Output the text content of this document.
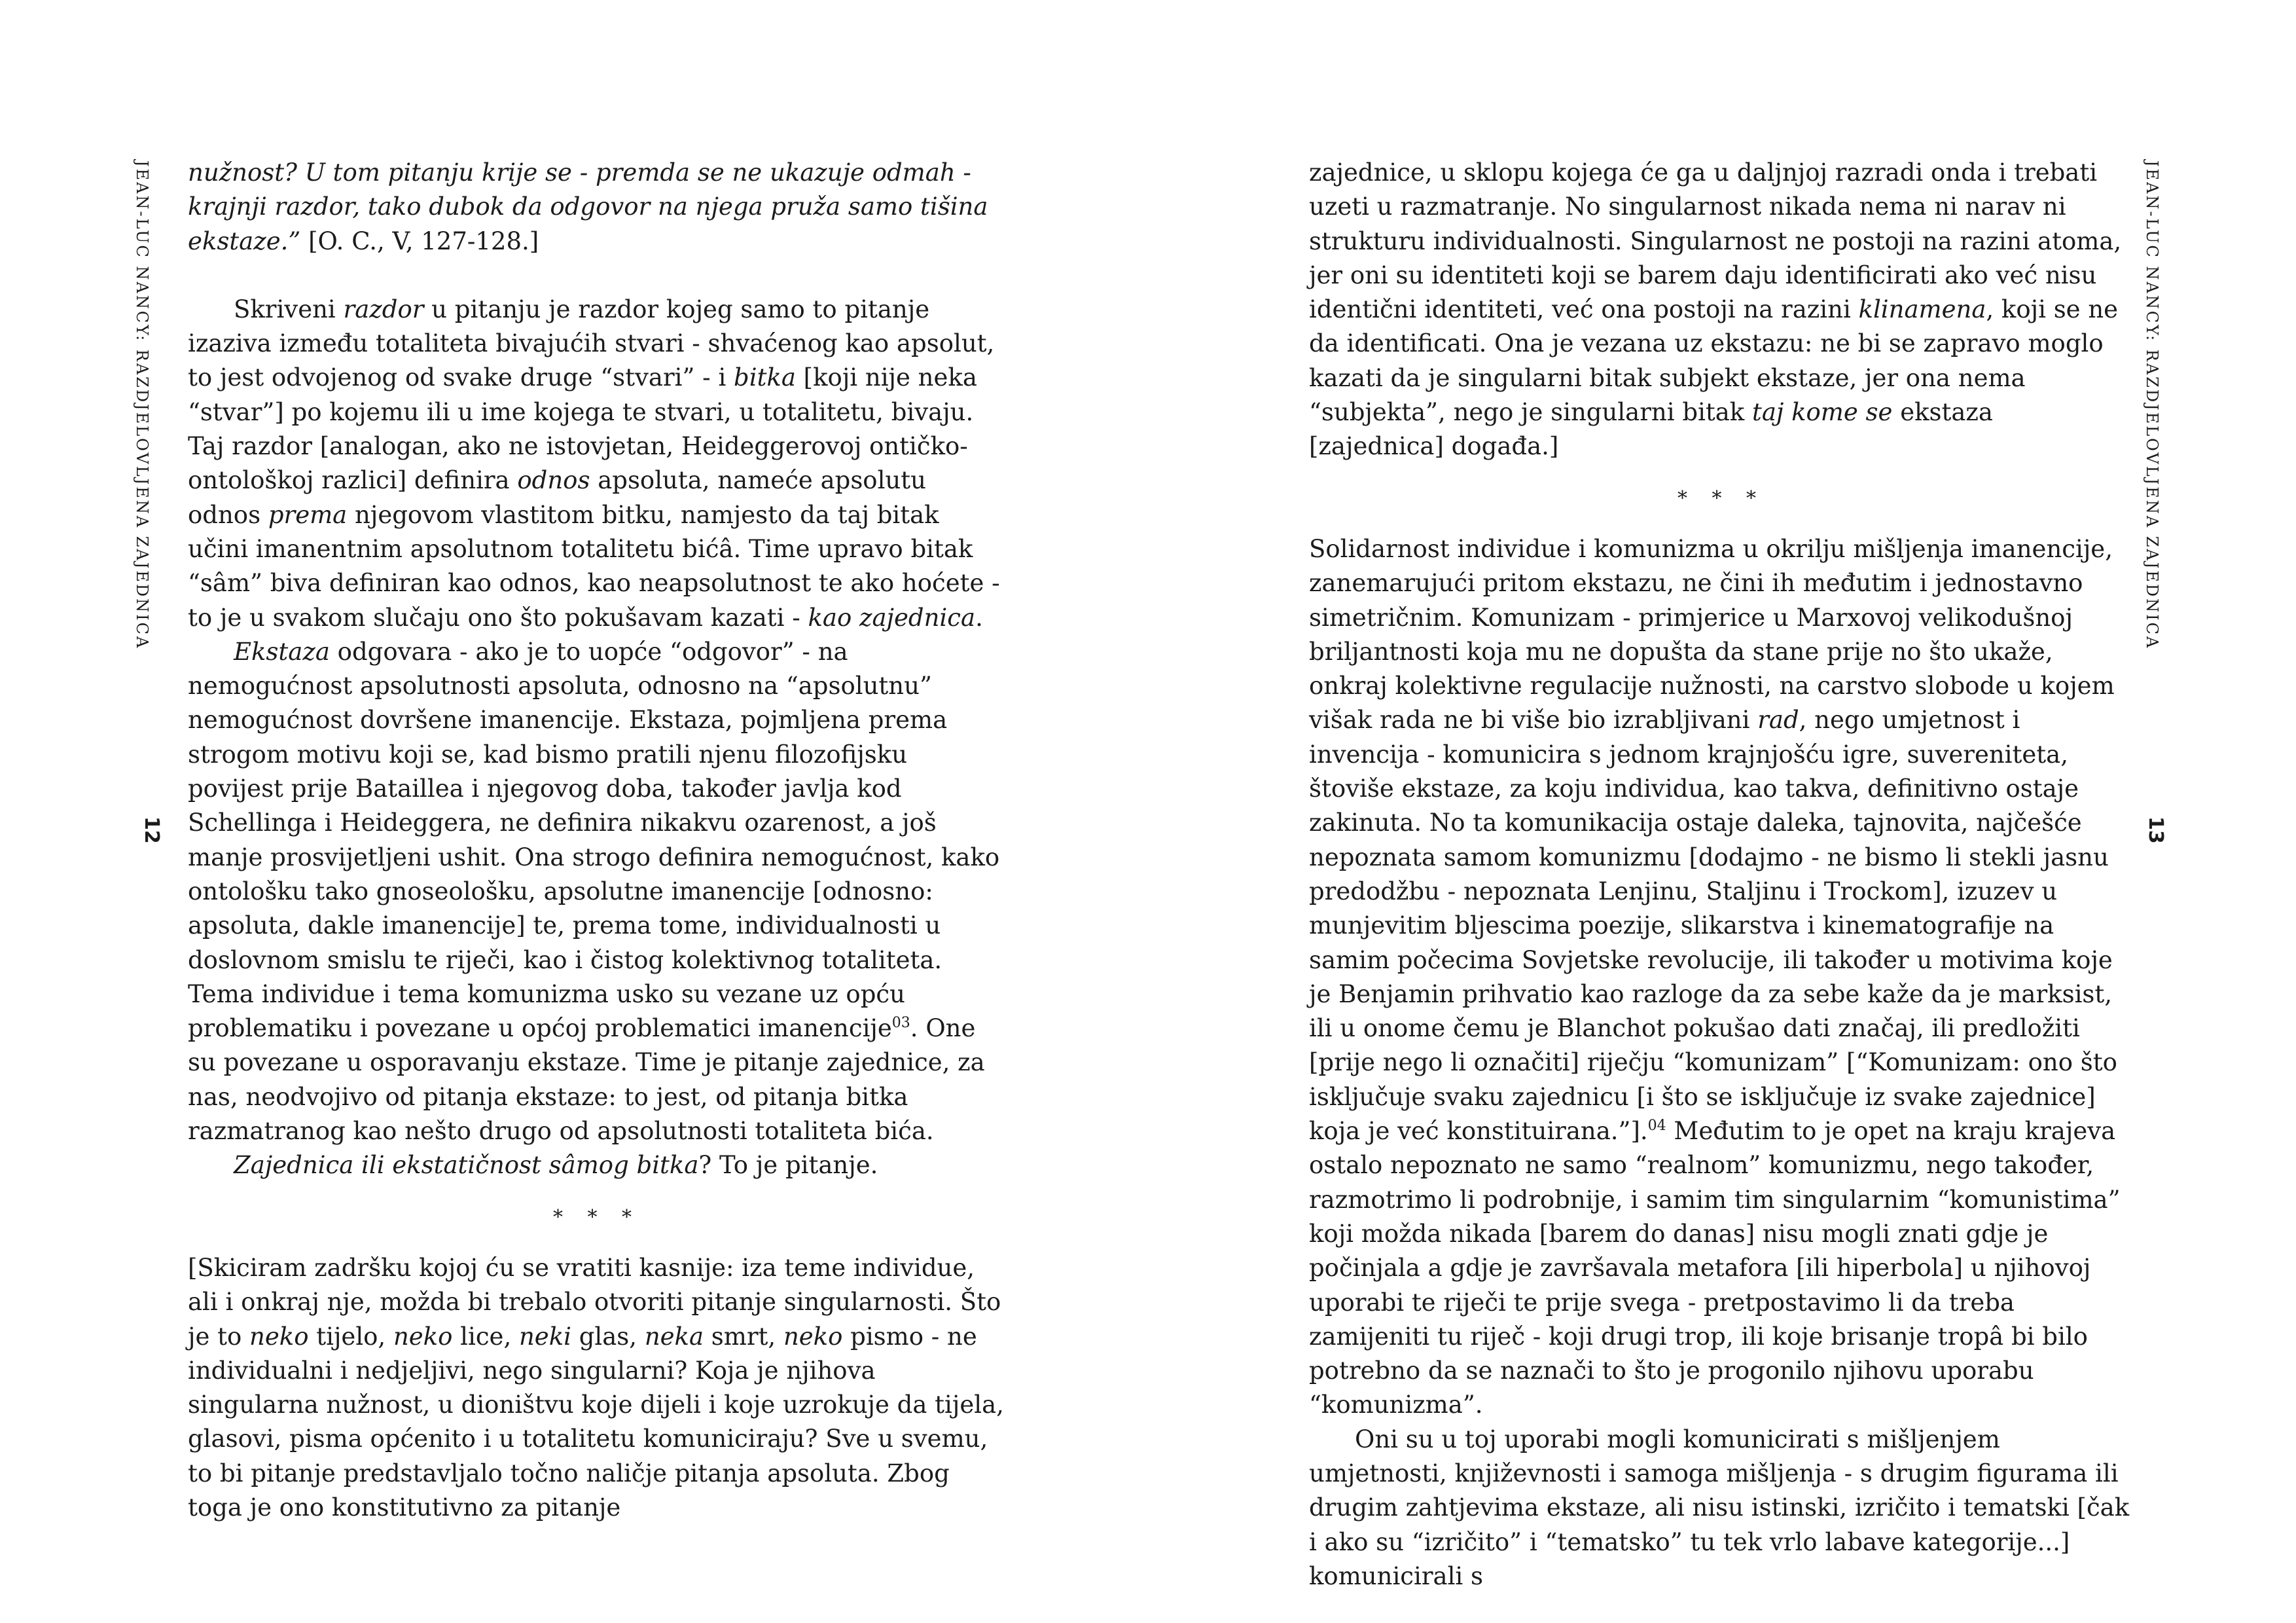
JEAN-LUC NANCY: RAZDJELOVLJENA ZAJEDNICA
12

nužnost? U tom pitanju krije se - premda se ne ukazuje odmah - krajnji razdor, tako dubok da odgovor na njega pruža samo tišina ekstaze.” [O. C., V, 127-128.]

Skriveni razdor u pitanju je razdor kojeg samo to pitanje izaziva između totaliteta bivajućih stvari - shvaćenog kao apsolut, to jest odvojenog od svake druge “stvari” - i bitka [koji nije neka “stvar”] po kojemu ili u ime kojega te stvari, u totalitetu, bivaju. Taj razdor [analogan, ako ne istovjetan, Heideggerovoj ontičko-ontološkoj razlici] definira odnos apsoluta, nameće apsolutu odnos prema njegovom vlastitom bitku, namjesto da taj bitak učini imanentnim apsolutnom totalitetu bićâ. Time upravo bitak “sâm” biva definiran kao odnos, kao neapsolutnost te ako hoćete - to je u svakom slučaju ono što pokušavam kazati - kao zajednica.

Ekstaza odgovara - ako je to uopće “odgovor” - na nemogućnost apsolutnosti apsoluta, odnosno na “apsolutnu” nemogućnost dovršene imanencije. Ekstaza, pojmljena prema strogom motivu koji se, kad bismo pratili njenu filozofijsku povijest prije Bataillea i njegovog doba, također javlja kod Schellinga i Heideggera, ne definira nikakvu ozarenost, a još manje prosvijetljeni ushit. Ona strogo definira nemogućnost, kako ontološku tako gnoseološku, apsolutne imanencije [odnosno: apsoluta, dakle imanencije] te, prema tome, individualnosti u doslovnom smislu te riječi, kao i čistog kolektivnog totaliteta. Tema individue i tema komunizma usko su vezane uz opću problematiku i povezane u općoj problematici imanencije$^{03}$. One su povezane u osporavanju ekstaze. Time je pitanje zajednice, za nas, neodvojivo od pitanja ekstaze: to jest, od pitanja bitka razmatranog kao nešto drugo od apsolutnosti totaliteta bića.

Zajednica ili ekstatičnost sâmog bitka? To je pitanje.

* * *

[Skiciram zadršku kojoj ću se vratiti kasnije: iza teme individue, ali i onkraj nje, možda bi trebalo otvoriti pitanje singularnosti. Što je to neko tijelo, neko lice, neki glas, neka smrt, neko pismo - ne individualni i nedjeljivi, nego singularni? Koja je njihova singularna nužnost, u dioništvu koje dijeli i koje uzrokuje da tijela, glasovi, pisma općenito i u totalitetu komuniciraju? Sve u svemu, to bi pitanje predstavljalo točno naličje pitanja apsoluta. Zbog toga je ono konstitutivno za pitanje

JEAN-LUC NANCY: RAZDJELOVLJENA ZAJEDNICA
13

zajednice, u sklopu kojega će ga u daljnjoj razradi onda i trebati uzeti u razmatranje. No singularnost nikada nema ni narav ni strukturu individualnosti. Singularnost ne postoji na razini atoma, jer oni su identiteti koji se barem daju identificirati ako već nisu identični identiteti, već ona postoji na razini klinamena, koji se ne da identificati. Ona je vezana uz ekstazu: ne bi se zapravo moglo kazati da je singularni bitak subjekt ekstaze, jer ona nema “subjekta”, nego je singularni bitak taj kome se ekstaza [zajednica] događa.]

* * *

Solidarnost individue i komunizma u okrilju mišljenja imanencije, zanemarujući pritom ekstazu, ne čini ih međutim i jednostavno simetričnim. Komunizam - primjerice u Marxovoj velikodušnoj briljantnosti koja mu ne dopušta da stane prije no što ukaže, onkraj kolektivne regulacije nužnosti, na carstvo slobode u kojem višak rada ne bi više bio izrabljivani rad, nego umjetnost i invencija - komunicira s jednom krajnjošću igre, suvereniteta, štoviše ekstaze, za koju individua, kao takva, definitivno ostaje zakinuta. No ta komunikacija ostaje daleka, tajnovita, najčešće nepoznata samom komunizmu [dodajmo - ne bismo li stekli jasnu predodžbu - nepoznata Lenjinu, Staljinu i Trockom], izuzev u munjevitim bljescima poezije, slikarstva i kinematografije na samim počecima Sovjetske revolucije, ili također u motivima koje je Benjamin prihvatio kao razloge da za sebe kaže da je marksist, ili u onome čemu je Blanchot pokušao dati značaj, ili predložiti [prije nego li označiti] riječju “komunizam” [“Komunizam: ono što isključuje svaku zajednicu [i što se isključuje iz svake zajednice] koja je već konstituirana.”].$^{04}$ Međutim to je opet na kraju krajeva ostalo nepoznato ne samo “realnom” komunizmu, nego također, razmotrimo li podrobnije, i samim tim singularnim “komunistima” koji možda nikada [barem do danas] nisu mogli znati gdje je počinjala a gdje je završavala metafora [ili hiperbola] u njihovoj uporabi te riječi te prije svega - pretpostavimo li da treba zamijeniti tu riječ - koji drugi trop, ili koje brisanje tropâ bi bilo potrebno da se naznači to što je progonilo njihovu uporabu “komunizma”.

Oni su u toj uporabi mogli komunicirati s mišljenjem umjetnosti, književnosti i samoga mišljenja - s drugim figurama ili drugim zahtjevima ekstaze, ali nisu istinski, izričito i tematski [čak i ako su “izričito” i “tematsko” tu tek vrlo labave kategorije...] komunicirali s
